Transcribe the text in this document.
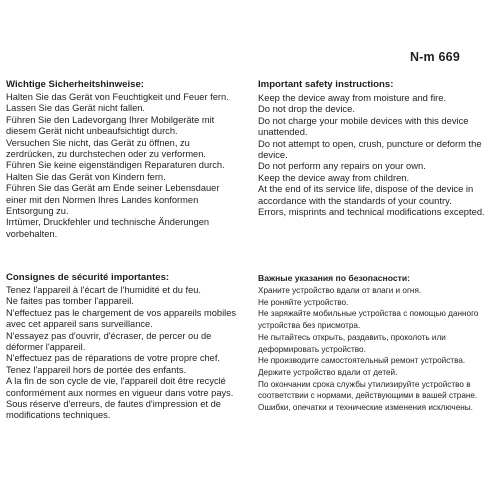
N-m 669
Wichtige Sicherheitshinweise:

Halten Sie das Gerät von Feuchtigkeit und Feuer fern.

Lassen Sie das Gerät nicht fallen.

Führen Sie den Ladevorgang Ihrer Mobilgeräte mit diesem Gerät nicht unbeaufsichtigt durch.

Versuchen Sie nicht, das Gerät zu öffnen, zu zerdrücken, zu durchstechen oder zu verformen.

Führen Sie keine eigenständigen Reparaturen durch.

Halten Sie das Gerät von Kindern fern.

Führen Sie das Gerät am Ende seiner Lebensdauer einer mit den Normen Ihres Landes konformen Entsorgung zu.

Irrtümer, Druckfehler und technische Änderungen vorbehalten.

Important safety instructions:

Keep the device away from moisture and fire.

Do not drop the device.

Do not charge your mobile devices with this device unattended.

Do not attempt to open, crush, puncture or deform the device.

Do not perform any repairs on your own.

Keep the device away from children.

At the end of its service life, dispose of the device in accordance with the standards of your country.

Errors, misprints and technical modifications excepted.

Consignes de sécurité importantes:

Tenez l'appareil à l'écart de l'humidité et du feu.

Ne faites pas tomber l'appareil.

N'effectuez pas le chargement de vos appareils mobiles avec cet appareil sans surveillance.

N'essayez pas d'ouvrir, d'écraser, de percer ou de déformer l'appareil.

N'effectuez pas de réparations de votre propre chef.

Tenez l'appareil hors de portée des enfants.

A la fin de son cycle de vie, l'appareil doit être recyclé conformément aux normes en vigueur dans votre pays.

Sous réserve d'erreurs, de fautes d'impression et de modifications techniques.

Важные указания по безопасности:

Храните устройство вдали от влаги и огня.

Не роняйте устройство.

Не заряжайте мобильные устройства с помощью данного устройства без присмотра.

Не пытайтесь открыть, раздавить, проколоть или деформировать устройство.

Не производите самостоятельный ремонт устройства.

Держите устройство вдали от детей.

По окончании срока службы утилизируйте устройство в соответствии с нормами, действующими в вашей стране.

Ошибки, опечатки и технические изменения исключены.
